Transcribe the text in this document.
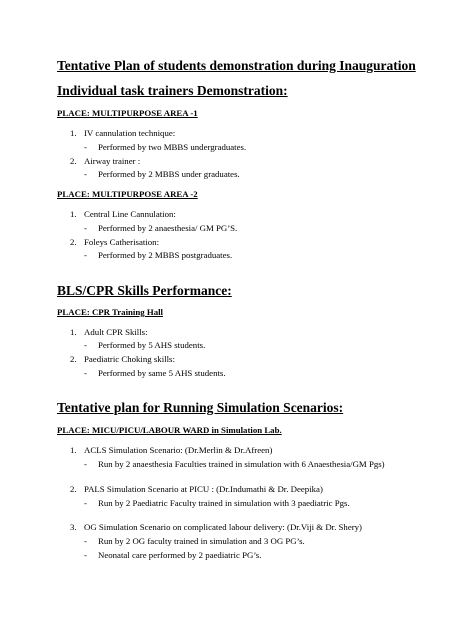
Tentative Plan of students demonstration during Inauguration

Individual task trainers Demonstration:

PLACE: MULTIPURPOSE AREA -1

1. IV cannulation technique:

- Performed by two MBBS undergraduates.

2. Airway trainer :

- Performed by 2 MBBS under graduates.

PLACE: MULTIPURPOSE AREA -2

1. Central Line Cannulation:

- Performed by 2 anaesthesia/ GM PG’S.

2. Foleys Catherisation:

- Performed by 2 MBBS postgraduates.

BLS/CPR Skills Performance:

PLACE: CPR Training Hall

1. Adult CPR Skills:

- Performed by 5 AHS students.

2. Paediatric Choking skills:

- Performed by same 5 AHS students.

Tentative plan for Running Simulation Scenarios:

PLACE: MICU/PICU/LABOUR WARD in Simulation Lab.

1. ACLS Simulation Scenario: (Dr.Merlin & Dr.Afreen)

- Run by 2 anaesthesia Faculties trained in simulation with 6 Anaesthesia/GM Pgs)

2. PALS Simulation Scenario at PICU : (Dr.Indumathi & Dr. Deepika)

- Run by 2 Paediatric Faculty trained in simulation with 3 paediatric Pgs.

3. OG Simulation Scenario on complicated labour delivery: (Dr.Viji & Dr. Shery)

- Run by 2 OG faculty trained in simulation and 3 OG PG’s.

- Neonatal care performed by 2 paediatric PG’s.
